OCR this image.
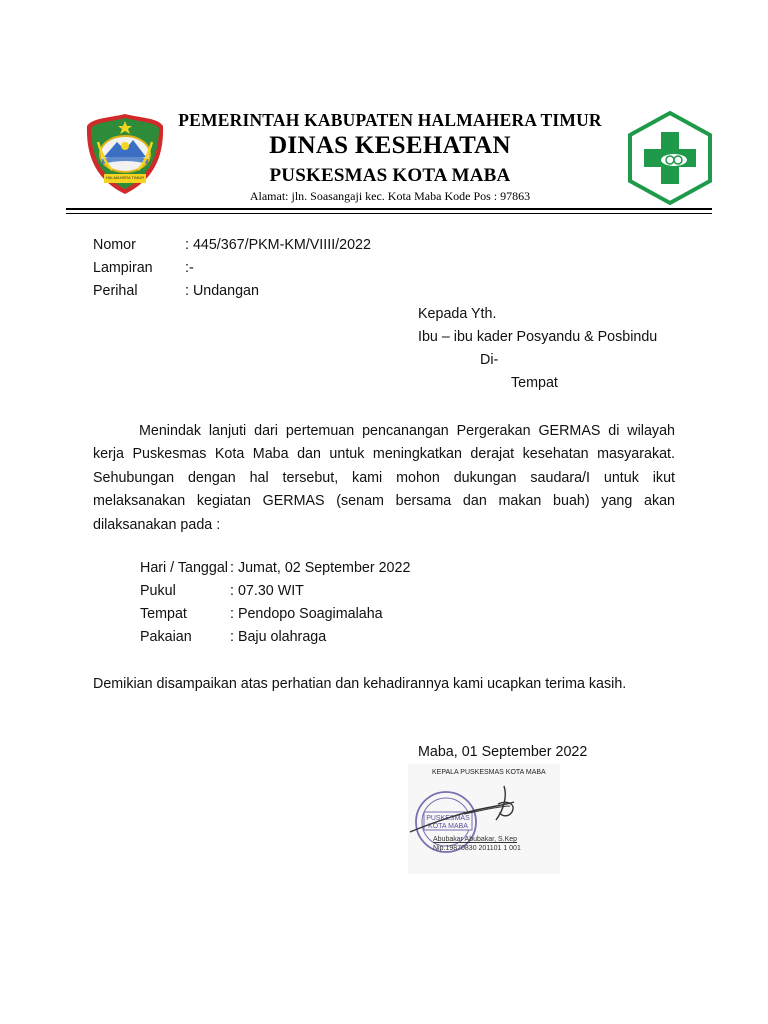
HALMAHERA TIMUR
PEMERINTAH KABUPATEN HALMAHERA TIMUR
DINAS KESEHATAN
PUSKESMAS KOTA MABA
Alamat: jln. Soasangaji kec. Kota Maba Kode Pos : 97863
Nomor	: 445/367/PKM-KM/VIIII/2022
Lampiran :-
Perihal	: Undangan
Kepada Yth.
Ibu – ibu kader Posyandu & Posbindu
Di-
Tempat
Menindak lanjuti dari pertemuan pencanangan Pergerakan GERMAS di wilayah kerja Puskesmas Kota Maba dan untuk meningkatkan derajat kesehatan masyarakat. Sehubungan dengan hal tersebut, kami mohon dukungan saudara/I untuk ikut melaksanakan kegiatan GERMAS (senam bersama dan makan buah) yang akan dilaksanakan pada :
Hari / Tanggal : Jumat, 02 September 2022
Pukul	: 07.30 WIT
Tempat	: Pendopo Soagimalaha
Pakaian	: Baju olahraga
Demikian disampaikan atas perhatian dan kehadirannya kami ucapkan terima kasih.
Maba, 01 September 2022
KEPALA PUSKESMAS KOTA MABA
PUSKESMAS
KOTA MABA
Abubakar Abubakar, S.Kep
Nip.19870830 201101 1 001
